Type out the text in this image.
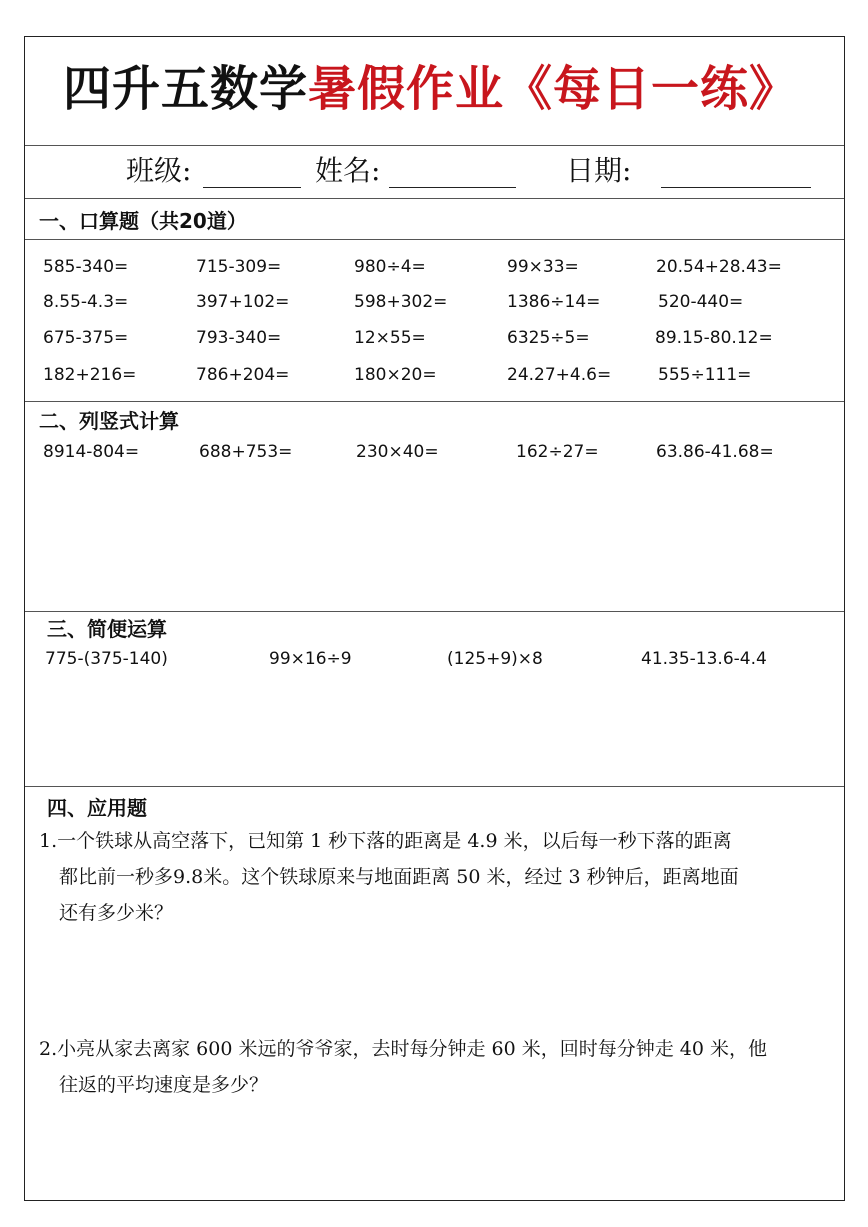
四升五数学暑假作业《每日一练》
班级:	姓名:	日期:
一、口算题（共20道）
585-340=	715-309=	980÷4=	99×33=	20.54+28.43=
8.55-4.3=	397+102=	598+302=	1386÷14=	520-440=
675-375=	793-340=	12×55=	6325÷5=	89.15-80.12=
182+216=	786+204=	180×20=	24.27+4.6=	555÷111=
二、列竖式计算
8914-804=	688+753=	230×40=	162÷27=	63.86-41.68=
三、简便运算
775-(375-140)	99×16÷9	(125+9)×8	41.35-13.6-4.4
四、应用题
1.一个铁球从高空落下，已知第 1 秒下落的距离是 4.9 米，以后每一秒下落的距离
都比前一秒多9.8米。这个铁球原来与地面距离 50 米，经过 3 秒钟后，距离地面
还有多少米？
2.小亮从家去离家 600 米远的爷爷家，去时每分钟走 60 米，回时每分钟走 40 米，他
往返的平均速度是多少？
